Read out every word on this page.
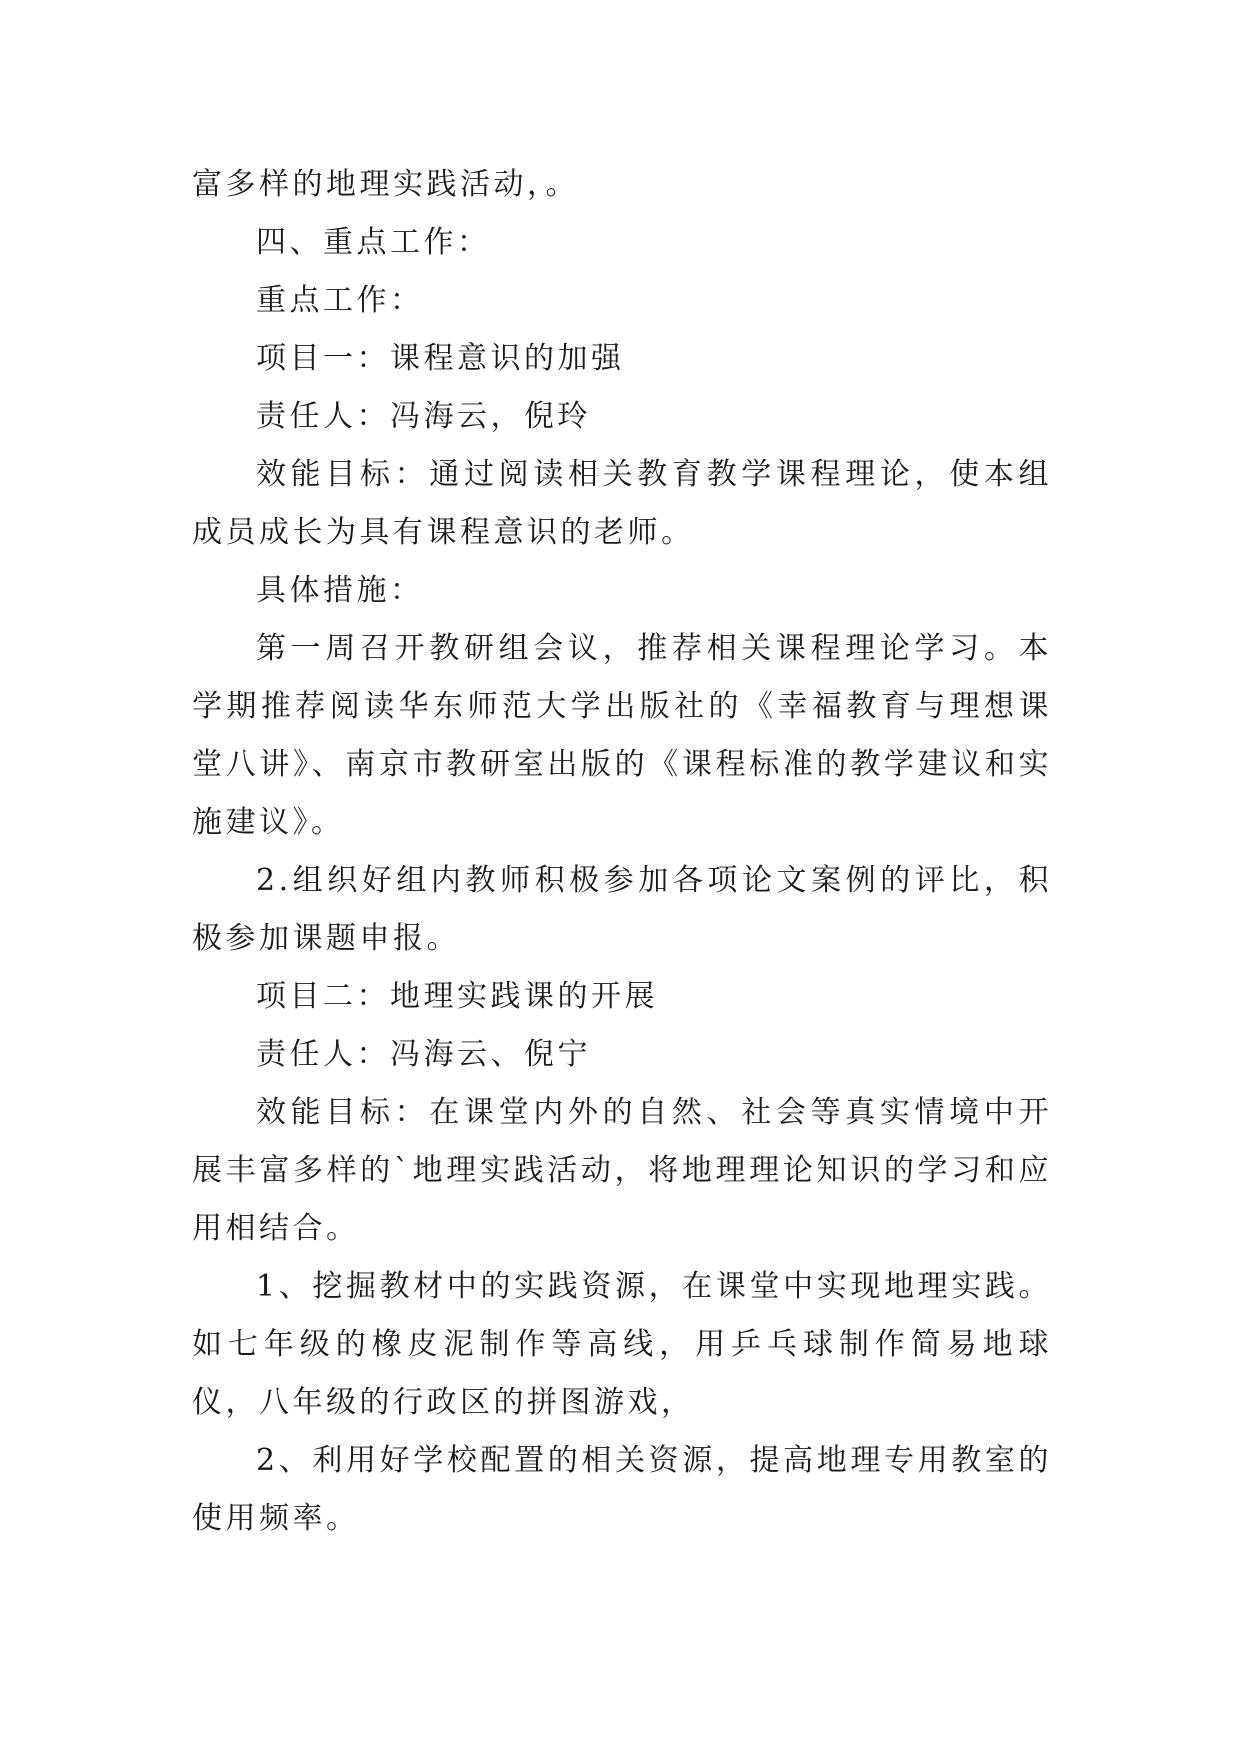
富多样的地理实践活动，。

四、重点工作：

重点工作：

项目一：课程意识的加强

责任人：冯海云，倪玲

效能目标：通过阅读相关教育教学课程理论，使本组成员成长为具有课程意识的老师。

具体措施：

第一周召开教研组会议，推荐相关课程理论学习。本学期推荐阅读华东师范大学出版社的《幸福教育与理想课堂八讲》、南京市教研室出版的《课程标准的教学建议和实施建议》。

2.组织好组内教师积极参加各项论文案例的评比，积极参加课题申报。

项目二：地理实践课的开展

责任人：冯海云、倪宁

效能目标：在课堂内外的自然、社会等真实情境中开展丰富多样的`地理实践活动，将地理理论知识的学习和应用相结合。

1、挖掘教材中的实践资源，在课堂中实现地理实践。如七年级的橡皮泥制作等高线，用乒乓球制作简易地球仪，八年级的行政区的拼图游戏，

2、利用好学校配置的相关资源，提高地理专用教室的使用频率。
